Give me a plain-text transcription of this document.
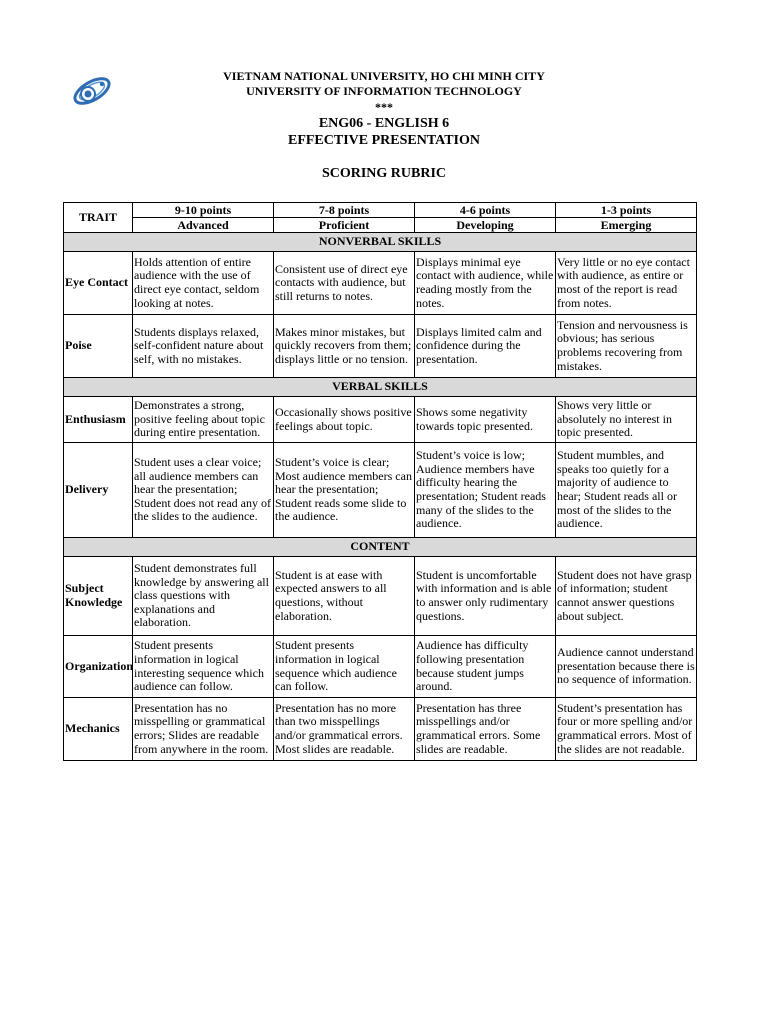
VIETNAM NATIONAL UNIVERSITY, HO CHI MINH CITY
UNIVERSITY OF INFORMATION TECHNOLOGY
***
ENG06 - ENGLISH 6
EFFECTIVE PRESENTATION
SCORING RUBRIC
TRAIT	9-10 points	7-8 points	4-6 points	1-3 points
	Advanced	Proficient	Developing	Emerging
NONVERBAL SKILLS				
Eye Contact	Holds attention of entire audience with the use of direct eye contact, seldom looking at notes.	Consistent use of direct eye contacts with audience, but still returns to notes.	Displays minimal eye contact with audience, while reading mostly from the notes.	Very little or no eye contact with audience, as entire or most of the report is read from notes.
Poise	Students displays relaxed, self-confident nature about self, with no mistakes.	Makes minor mistakes, but quickly recovers from them; displays little or no tension.	Displays limited calm and confidence during the presentation.	Tension and nervousness is obvious; has serious problems recovering from mistakes.
VERBAL SKILLS				
Enthusiasm	Demonstrates a strong, positive feeling about topic during entire presentation.	Occasionally shows positive feelings about topic.	Shows some negativity towards topic presented.	Shows very little or absolutely no interest in topic presented.
Delivery	Student uses a clear voice; all audience members can hear the presentation; Student does not read any of the slides to the audience.	Student’s voice is clear; Most audience members can hear the presentation; Student reads some slide to the audience.	Student’s voice is low; Audience members have difficulty hearing the presentation; Student reads many of the slides to the audience.	Student mumbles, and speaks too quietly for a majority of audience to hear; Student reads all or most of the slides to the audience.
CONTENT				
Subject Knowledge	Student demonstrates full knowledge by answering all class questions with explanations and elaboration.	Student is at ease with expected answers to all questions, without elaboration.	Student is uncomfortable with information and is able to answer only rudimentary questions.	Student does not have grasp of information; student cannot answer questions about subject.
Organization	Student presents information in logical interesting sequence which audience can follow.	Student presents information in logical sequence which audience can follow.	Audience has difficulty following presentation because student jumps around.	Audience cannot understand presentation because there is no sequence of information.
Mechanics	Presentation has no misspelling or grammatical errors; Slides are readable from anywhere in the room.	Presentation has no more than two misspellings and/or grammatical errors. Most slides are readable.	Presentation has three misspellings and/or grammatical errors. Some slides are readable.	Student’s presentation has four or more spelling and/or grammatical errors. Most of the slides are not readable.
